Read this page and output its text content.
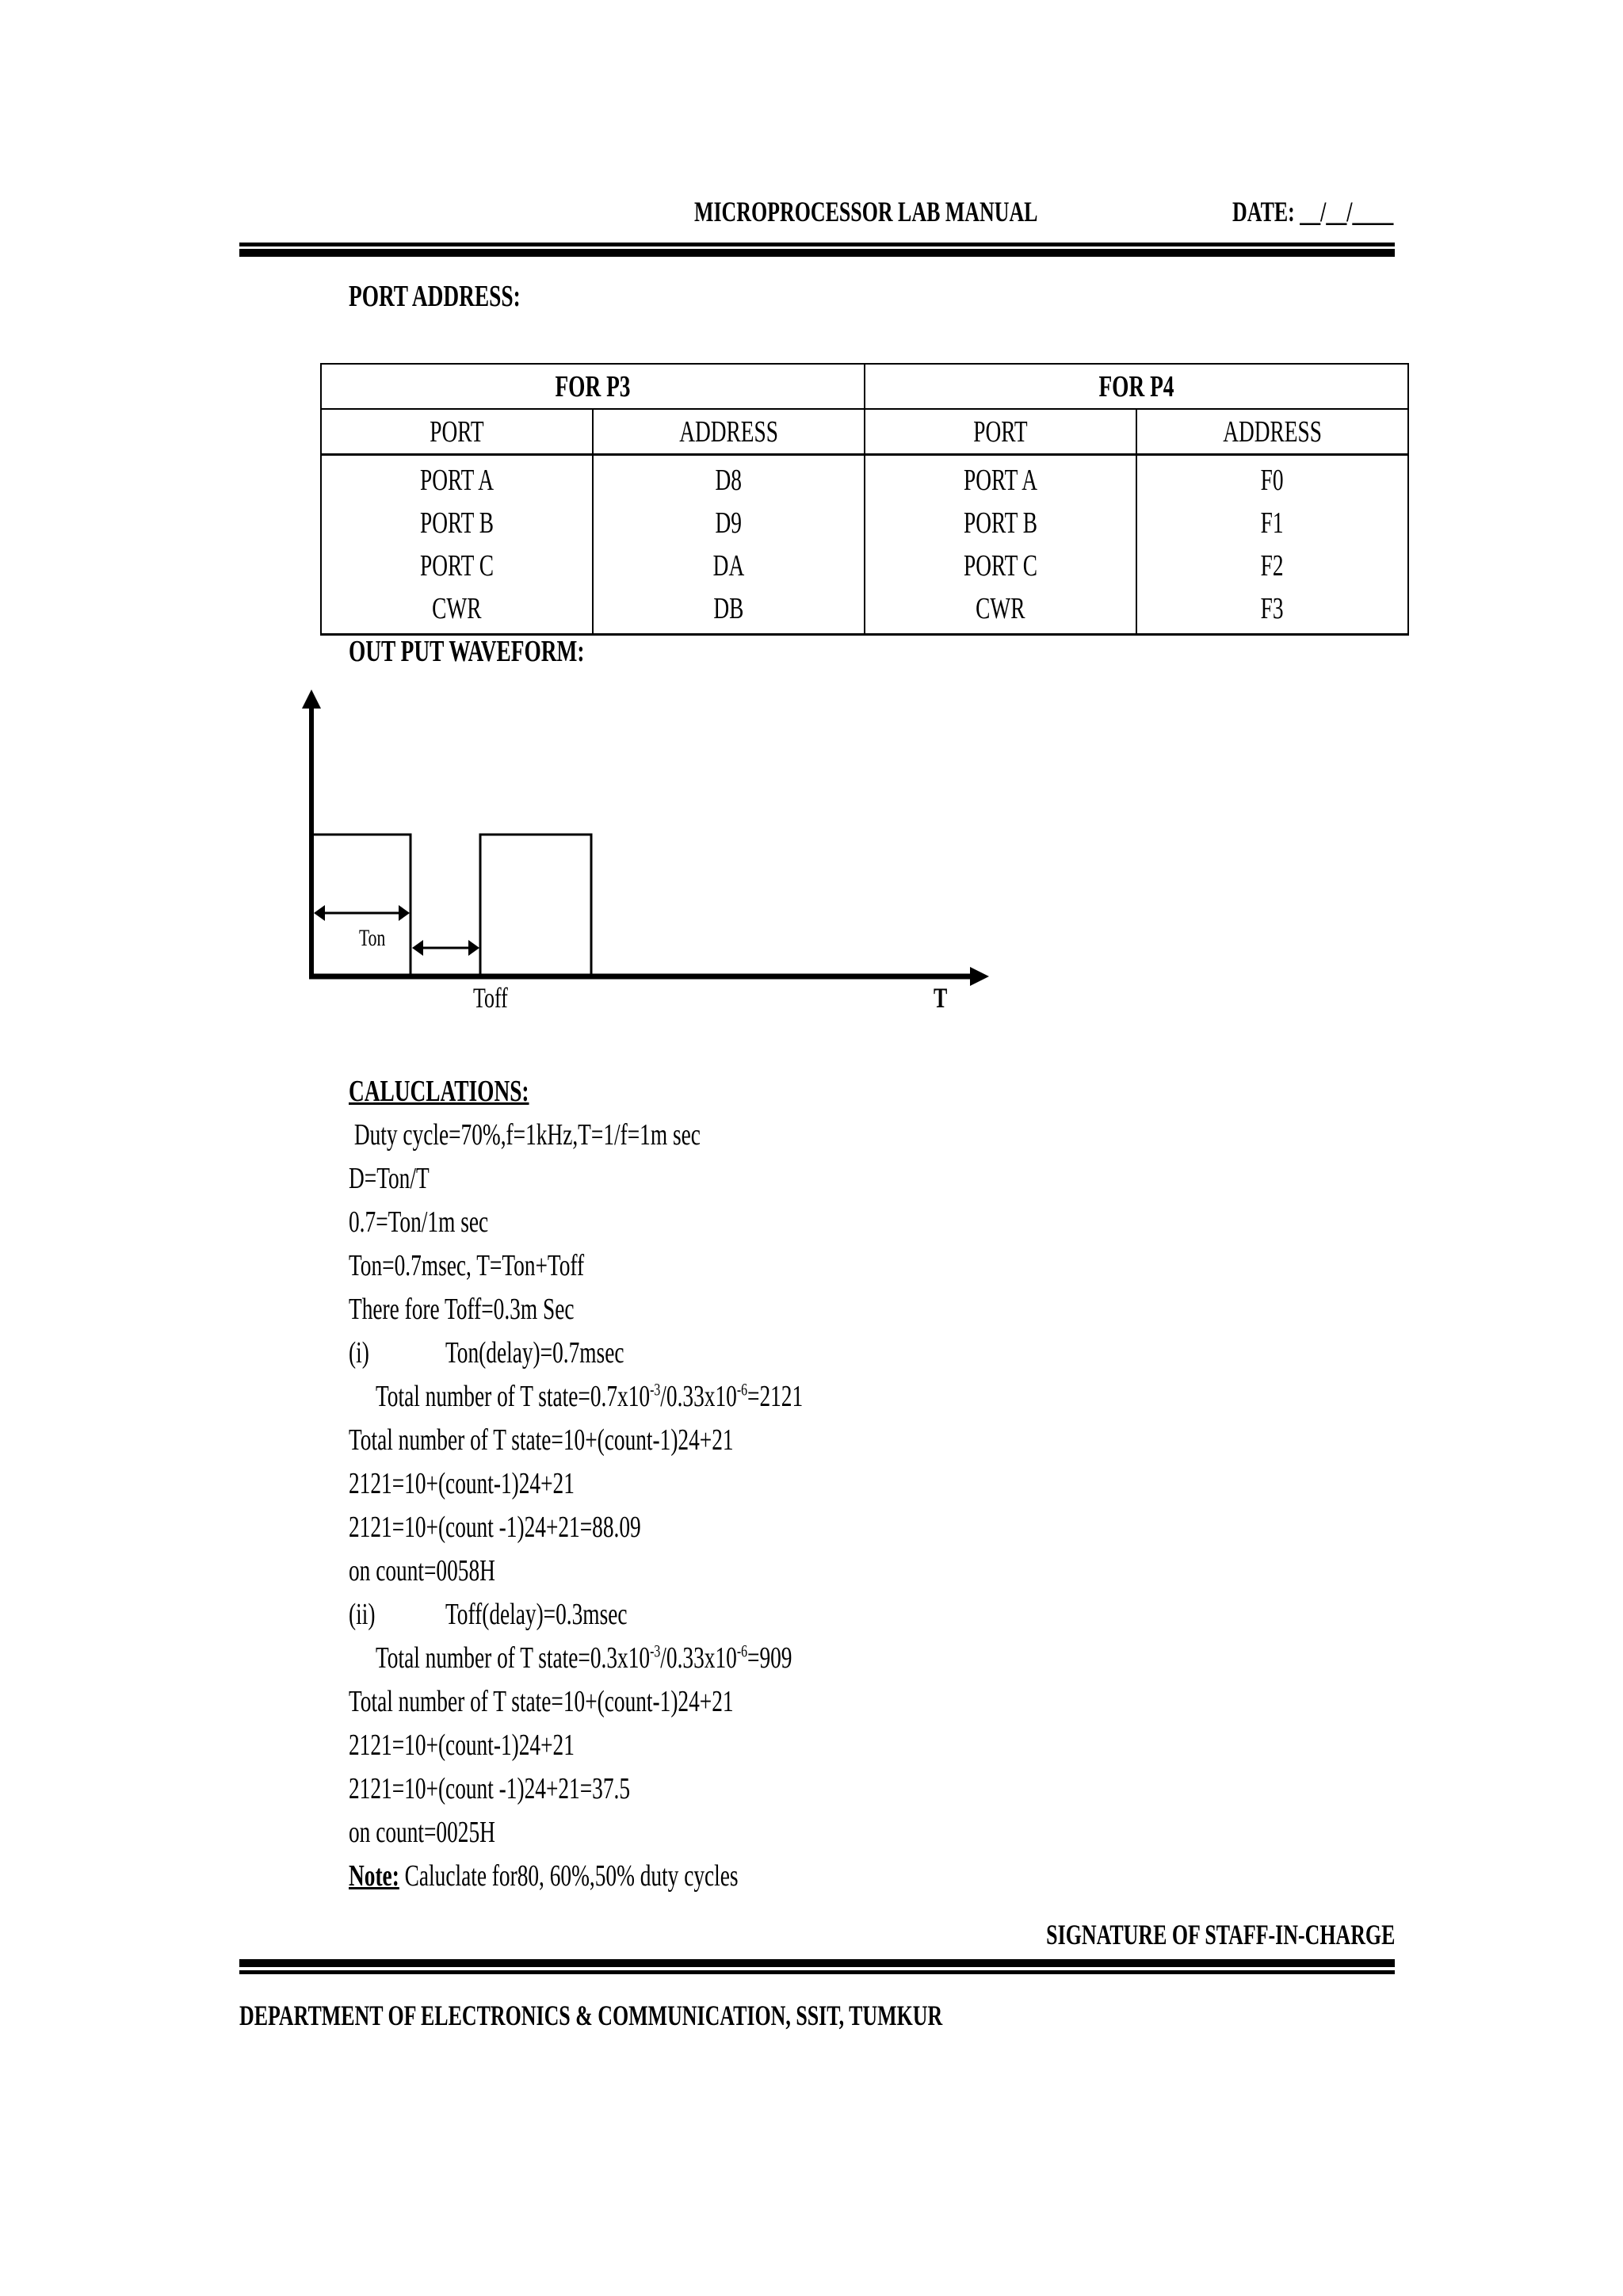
MICROPROCESSOR LAB MANUAL	DATE: __/__/____
PORT ADDRESS:
FOR P3		FOR P4	
PORT	ADDRESS	PORT	ADDRESS
PORT A	D8	PORT A	F0
PORT B	D9	PORT B	F1
PORT C	DA	PORT C	F2
CWR	DB	CWR	F3
OUT PUT WAVEFORM:
Ton
Toff	T
CALUCLATIONS:
Duty cycle=70%,f=1kHz,T=1/f=1m sec
D=Ton/T
0.7=Ton/1m sec
Ton=0.7msec, T=Ton+Toff
There fore Toff=0.3m Sec
(i)	Ton(delay)=0.7msec
Total number of T $state=0.7x10^{-3}/0.33x10^{-6}=2121$
Total number of T state=10+(count-1)24+21
2121=10+(count-1)24+21
2121=10+(count -1)24+21=88.09
on count=0058H
(ii)	Toff(delay)=0.3msec
Total number of T $state=0.3x10^{-3}/0.33x10^{-6}=909$
Total number of T state=10+(count-1)24+21
2121=10+(count-1)24+21
2121=10+(count -1)24+21=37.5
on count=0025H
Note: Caluclate for80, 60%,50% duty cycles
SIGNATURE OF STAFF-IN-CHARGE
DEPARTMENT OF ELECTRONICS & COMMUNICATION, SSIT, TUMKUR
